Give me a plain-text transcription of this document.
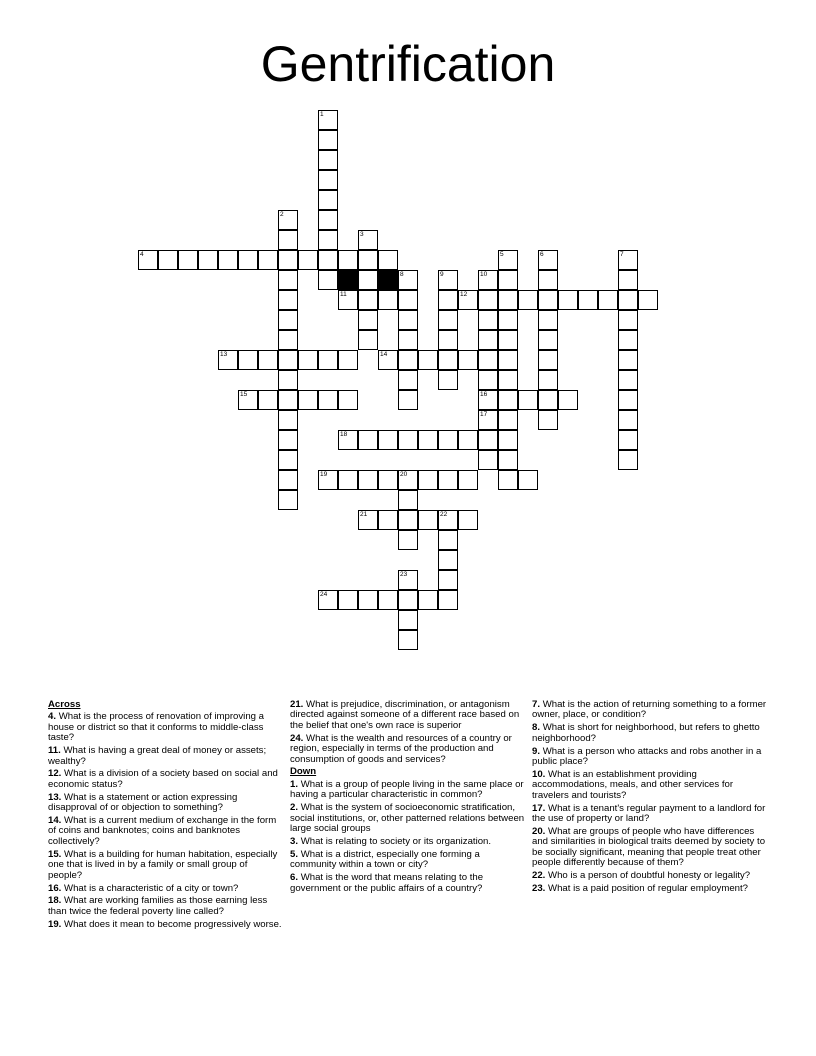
Gentrification
1
2
3
4
8	9
5	6	7
10
11	12
13	14
15	16
17
18
19	20
21	22
23
24
Across
4. What is the process of renovation of improving a house or district so that it conforms to middle-class taste?
11. What is having a great deal of money or assets; wealthy?
12. What is a division of a society based on social and economic status?
13. What is a statement or action expressing disapproval of or objection to something?
14. What is a current medium of exchange in the form of coins and banknotes; coins and banknotes collectively?
15. What is a building for human habitation, especially one that is lived in by a family or small group of people?
16. What is a characteristic of a city or town?
18. What are working families as those earning less than twice the federal poverty line called?
19. What does it mean to become progressively worse.
21. What is prejudice, discrimination, or antagonism directed against someone of a different race based on the belief that one's own race is superior
24. What is the wealth and resources of a country or region, especially in terms of the production and consumption of goods and services?
Down
1. What is a group of people living in the same place or having a particular characteristic in common?
2. What is the system of socioeconomic stratification, social institutions, or, other patterned relations between large social groups
3. What is relating to society or its organization.
5. What is a district, especially one forming a community within a town or city?
6. What is the word that means relating to the government or the public affairs of a country?
7. What is the action of returning something to a former owner, place, or condition?
8. What is short for neighborhood, but refers to ghetto neighborhood?
9. What is a person who attacks and robs another in a public place?
10. What is an establishment providing accommodations, meals, and other services for travelers and tourists?
17. What is a tenant's regular payment to a landlord for the use of property or land?
20. What are groups of people who have differences and similarities in biological traits deemed by society to be socially significant, meaning that people treat other people differently because of them?
22. Who is a person of doubtful honesty or legality?
23. What is a paid position of regular employment?
